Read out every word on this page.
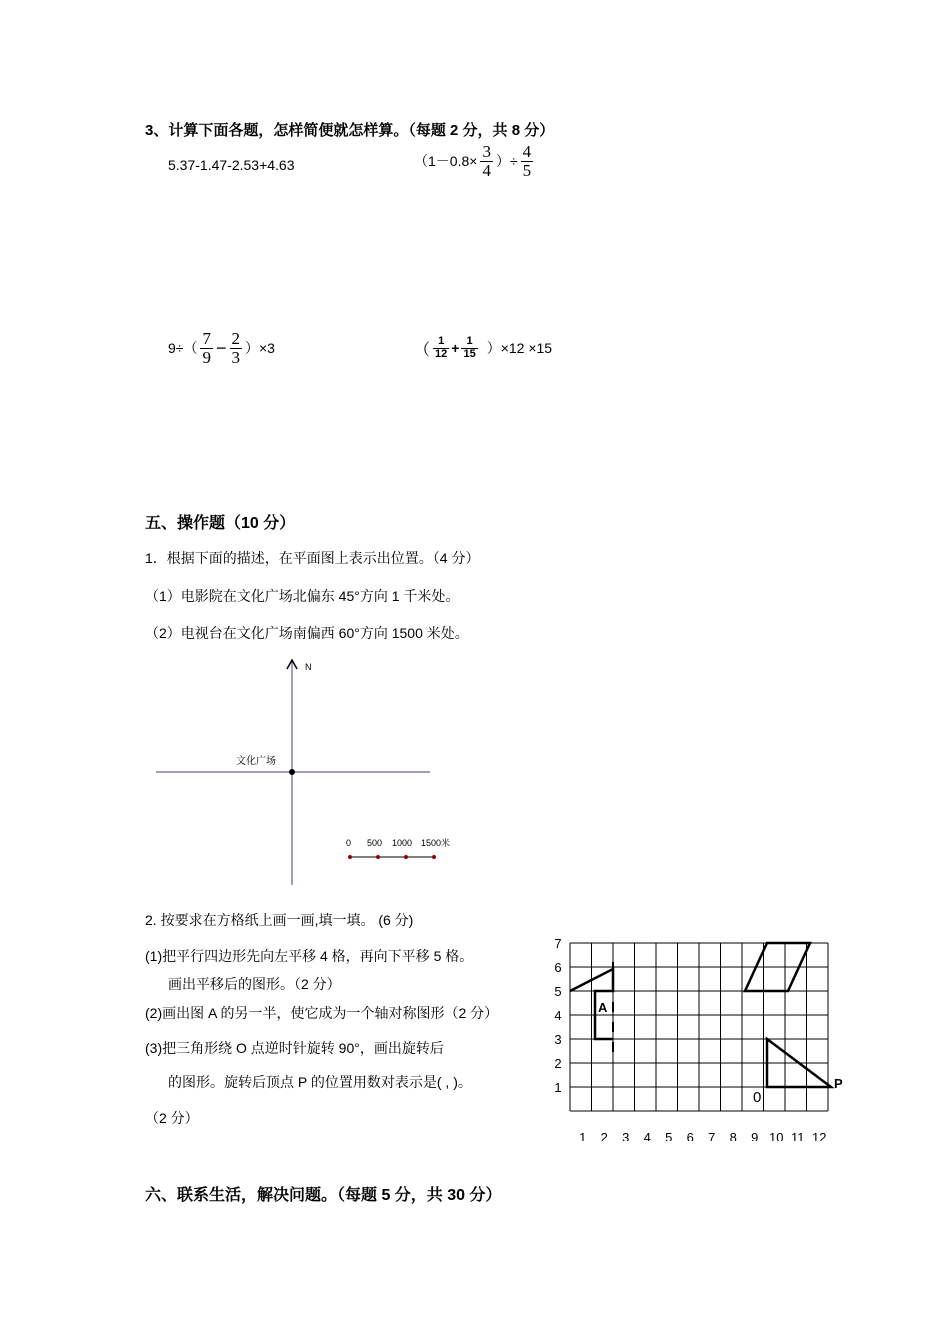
3、计算下面各题，怎样简便就怎样算。（每题 2 分，共 8 分）
5.37-1.47-2.53+4.63	（$1-0.8\times \frac{3}{4}$ ）÷ $\frac{4}{5}$
$9\div( \frac{7}{9} - \frac{2}{3} )\times 3$	（ $\frac{1}{12} + \frac{1}{15} )\times 12 \times 15$
五、操作题（10 分）
1．根据下面的描述，在平面图上表示出位置。（4 分）
（1）电影院在文化广场北偏东 45°方向 1 千米处。
（2）电视台在文化广场南偏西 60°方向 1500 米处。
N
文化广场
0 500 1000 1500米
2. 按要求在方格纸上画一画,填一填。 (6 分)
(1)把平行四边形先向左平移 4 格，再向下平移 5 格。
画出平移后的图形。（2 分）
(2)画出图 A 的另一半，使它成为一个轴对称图形（2 分）
(3)把三角形绕 O 点逆时针旋转 90°，画出旋转后
的图形。旋转后顶点 P 的位置用数对表示是( , )。
（2 分）
1
2
3
4
5
6
7
1 2 3 4 5 6 7 8 9 10 11 12
A
0
P
六、联系生活，解决问题。（每题 5 分，共 30 分）
